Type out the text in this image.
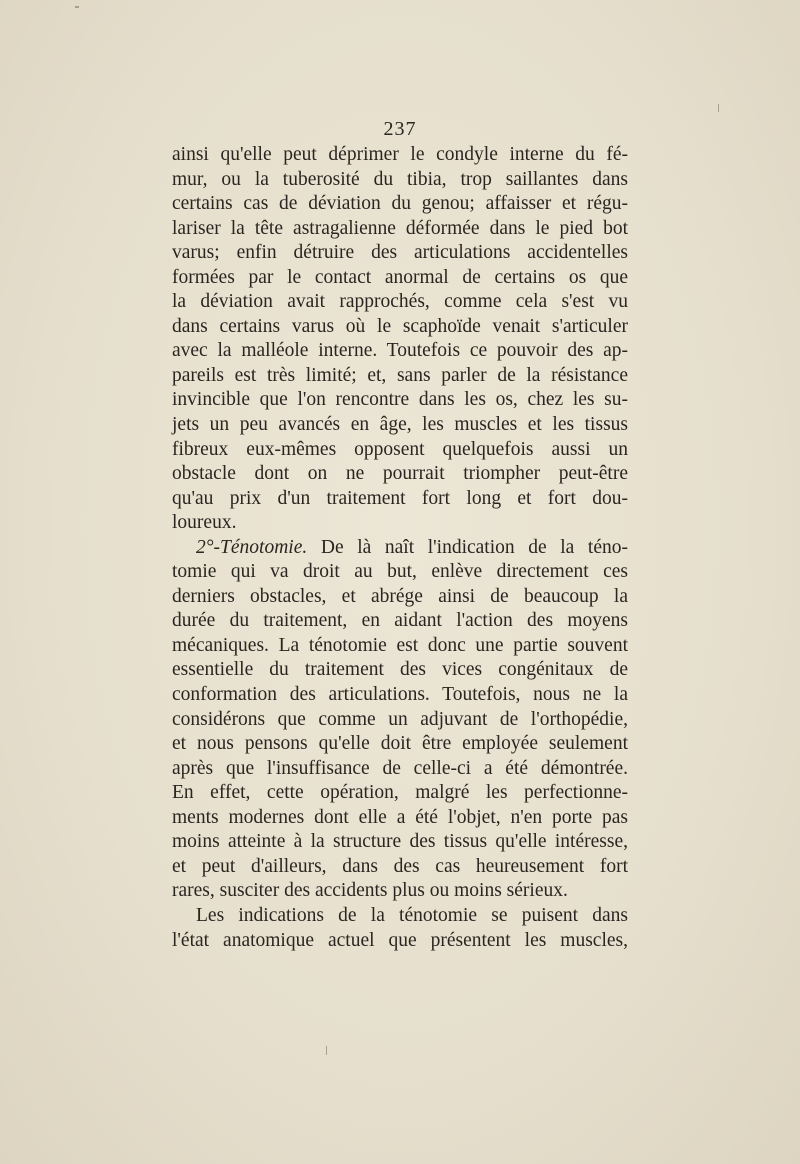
237
ainsi qu'elle peut déprimer le condyle interne du fé-
mur, ou la tuberosité du tibia, trop saillantes dans
certains cas de déviation du genou; affaisser et régu-
lariser la tête astragalienne déformée dans le pied bot
varus; enfin détruire des articulations accidentelles
formées par le contact anormal de certains os que
la déviation avait rapprochés, comme cela s'est vu
dans certains varus où le scaphoïde venait s'articuler
avec la malléole interne. Toutefois ce pouvoir des ap-
pareils est très limité; et, sans parler de la résistance
invincible que l'on rencontre dans les os, chez les su-
jets un peu avancés en âge, les muscles et les tissus
fibreux eux-mêmes opposent quelquefois aussi un
obstacle dont on ne pourrait triompher peut-être
qu'au prix d'un traitement fort long et fort dou-
loureux.
2°-Ténotomie. De là naît l'indication de la téno-
tomie qui va droit au but, enlève directement ces
derniers obstacles, et abrége ainsi de beaucoup la
durée du traitement, en aidant l'action des moyens
mécaniques. La ténotomie est donc une partie souvent
essentielle du traitement des vices congénitaux de
conformation des articulations. Toutefois, nous ne la
considérons que comme un adjuvant de l'orthopédie,
et nous pensons qu'elle doit être employée seulement
après que l'insuffisance de celle-ci a été démontrée.
En effet, cette opération, malgré les perfectionne-
ments modernes dont elle a été l'objet, n'en porte pas
moins atteinte à la structure des tissus qu'elle intéresse,
et peut d'ailleurs, dans des cas heureusement fort
rares, susciter des accidents plus ou moins sérieux.
Les indications de la ténotomie se puisent dans
l'état anatomique actuel que présentent les muscles,
